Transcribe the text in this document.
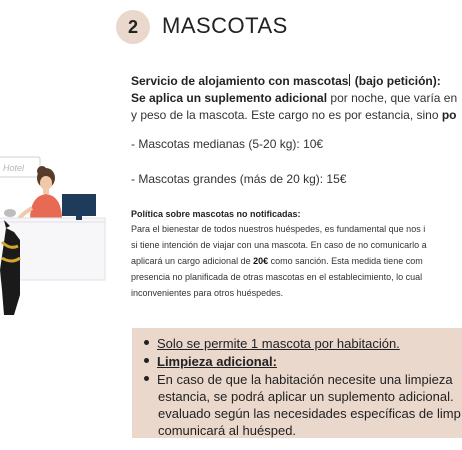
2 MASCOTAS
Servicio de alojamiento con mascotas (bajo petición):
Se aplica un suplemento adicional por noche, que varía en
y peso de la mascota. Este cargo no es por estancia, sino po
- Mascotas medianas (5-20 kg): 10€
- Mascotas grandes (más de 20 kg): 15€
Política sobre mascotas no notificadas:
Para el bienestar de todos nuestros huéspedes, es fundamental que nos i
si tiene intención de viajar con una mascota. En caso de no comunicarlo a
aplicará un cargo adicional de 20€ como sanción. Esta medida tiene com
presencia no planificada de otras mascotas en el establecimiento, lo cual
inconvenientes para otros huéspedes.
Hotel
Solo se permite 1 mascota por habitación.
Limpieza adicional:
En caso de que la habitación necesite una limpieza
estancia, se podrá aplicar un suplemento adicional.
evaluado según las necesidades específicas de limp
comunicará al huésped.
